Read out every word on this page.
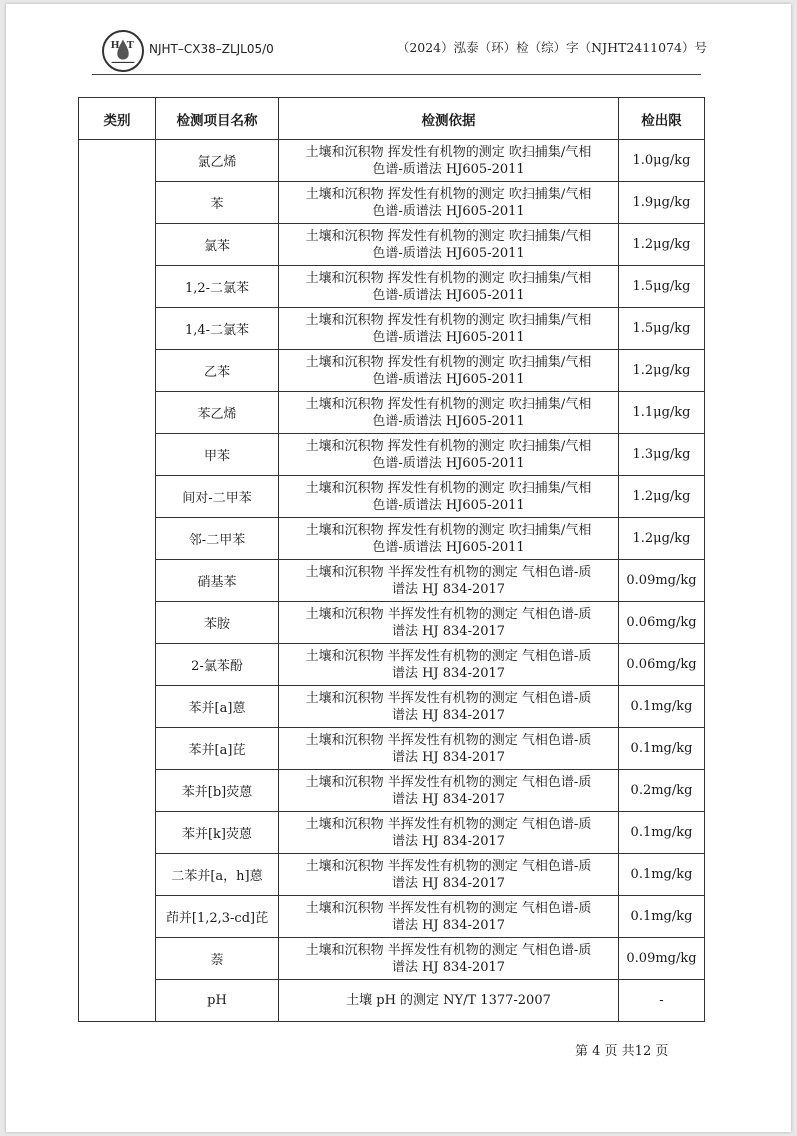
H T NJHT–CX38–ZLJL05/0	（2024）泓泰（环）检（综）字（NJHT2411074）号
类别	检测项目名称	检测依据	检出限
	氯乙烯	土壤和沉积物 挥发性有机物的测定 吹扫捕集/气相
色谱-质谱法 HJ605-2011	1.0μg/kg
	苯	土壤和沉积物 挥发性有机物的测定 吹扫捕集/气相
色谱-质谱法 HJ605-2011	1.9μg/kg
	氯苯	土壤和沉积物 挥发性有机物的测定 吹扫捕集/气相
色谱-质谱法 HJ605-2011	1.2μg/kg
	1,2-二氯苯	土壤和沉积物 挥发性有机物的测定 吹扫捕集/气相
色谱-质谱法 HJ605-2011	1.5μg/kg
	1,4-二氯苯	土壤和沉积物 挥发性有机物的测定 吹扫捕集/气相
色谱-质谱法 HJ605-2011	1.5μg/kg
	乙苯	土壤和沉积物 挥发性有机物的测定 吹扫捕集/气相
色谱-质谱法 HJ605-2011	1.2μg/kg
	苯乙烯	土壤和沉积物 挥发性有机物的测定 吹扫捕集/气相
色谱-质谱法 HJ605-2011	1.1μg/kg
	甲苯	土壤和沉积物 挥发性有机物的测定 吹扫捕集/气相
色谱-质谱法 HJ605-2011	1.3μg/kg
	间对-二甲苯	土壤和沉积物 挥发性有机物的测定 吹扫捕集/气相
色谱-质谱法 HJ605-2011	1.2μg/kg
	邻-二甲苯	土壤和沉积物 挥发性有机物的测定 吹扫捕集/气相
色谱-质谱法 HJ605-2011	1.2μg/kg
	硝基苯	土壤和沉积物 半挥发性有机物的测定 气相色谱-质
谱法 HJ 834-2017	0.09mg/kg
	苯胺	土壤和沉积物 半挥发性有机物的测定 气相色谱-质
谱法 HJ 834-2017	0.06mg/kg
	2-氯苯酚	土壤和沉积物 半挥发性有机物的测定 气相色谱-质
谱法 HJ 834-2017	0.06mg/kg
	苯并[a]蒽	土壤和沉积物 半挥发性有机物的测定 气相色谱-质
谱法 HJ 834-2017	0.1mg/kg
	苯并[a]芘	土壤和沉积物 半挥发性有机物的测定 气相色谱-质
谱法 HJ 834-2017	0.1mg/kg
	苯并[b]荧蒽	土壤和沉积物 半挥发性有机物的测定 气相色谱-质
谱法 HJ 834-2017	0.2mg/kg
	苯并[k]荧蒽	土壤和沉积物 半挥发性有机物的测定 气相色谱-质
谱法 HJ 834-2017	0.1mg/kg
	二苯并[a，h]蒽	土壤和沉积物 半挥发性有机物的测定 气相色谱-质
谱法 HJ 834-2017	0.1mg/kg
	茚并[1,2,3-cd]芘	土壤和沉积物 半挥发性有机物的测定 气相色谱-质
谱法 HJ 834-2017	0.1mg/kg
	萘	土壤和沉积物 半挥发性有机物的测定 气相色谱-质
谱法 HJ 834-2017	0.09mg/kg
	pH	土壤 pH 的测定 NY/T 1377-2007	-
第 4 页 共12 页
